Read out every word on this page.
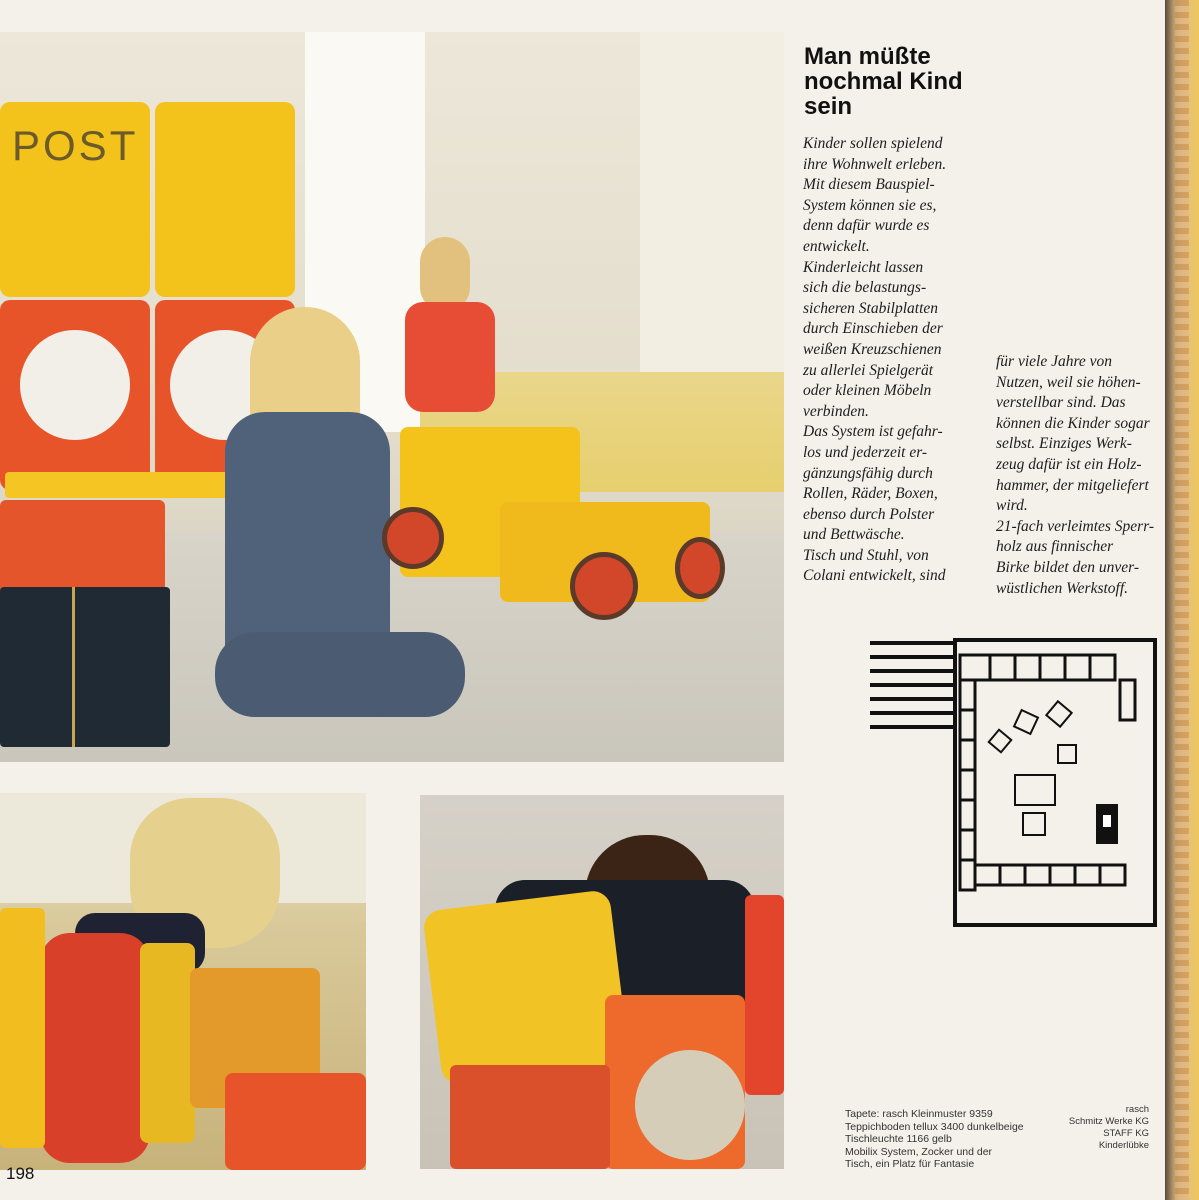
POST
Man müßte
nochmal Kind
sein

Kinder sollen spielend
ihre Wohnwelt erleben.
Mit diesem Bauspiel-
System können sie es,
denn dafür wurde es
entwickelt.
Kinderleicht lassen
sich die belastungs-
sicheren Stabilplatten
durch Einschieben der
weißen Kreuzschienen
zu allerlei Spielgerät
oder kleinen Möbeln
verbinden.
Das System ist gefahr-
los und jederzeit er-
gänzungsfähig durch
Rollen, Räder, Boxen,
ebenso durch Polster
und Bettwäsche.
Tisch und Stuhl, von
Colani entwickelt, sind

für viele Jahre von
Nutzen, weil sie höhen-
verstellbar sind. Das
können die Kinder sogar
selbst. Einziges Werk-
zeug dafür ist ein Holz-
hammer, der mitgeliefert
wird.
21-fach verleimtes Sperr-
holz aus finnischer
Birke bildet den unver-
wüstlichen Werkstoff.

Tapete: rasch Kleinmuster 9359
Teppichboden tellux 3400 dunkelbeige
Tischleuchte 1166 gelb
Mobilix System, Zocker und der
Tisch, ein Platz für Fantasie

rasch
Schmitz Werke KG
STAFF KG
Kinderlübke

198
